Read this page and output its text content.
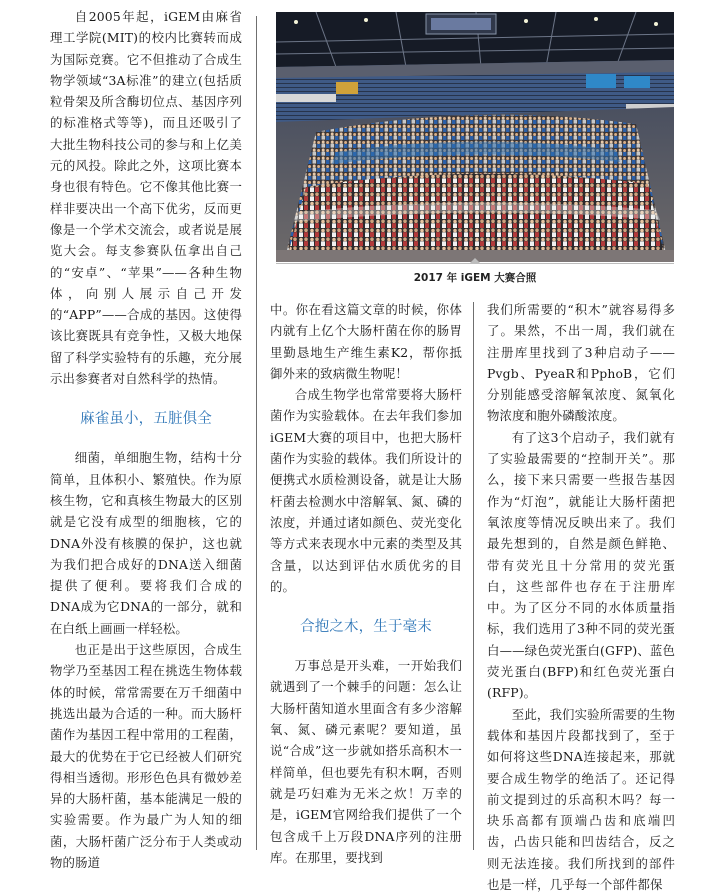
自2005年起，iGEM由麻省理工学院(MIT)的校内比赛转而成为国际竞赛。它不但推动了合成生物学领域“3A标准”的建立(包括质粒骨架及所含酶切位点、基因序列的标准格式等等)，而且还吸引了大批生物科技公司的参与和上亿美元的风投。除此之外，这项比赛本身也很有特色。它不像其他比赛一样非要决出一个高下优劣，反而更像是一个学术交流会，或者说是展览大会。每支参赛队伍拿出自己的“安卓”、“苹果”——各种生物体，向别人展示自己开发的“APP”——合成的基因。这使得该比赛既具有竞争性，又极大地保留了科学实验特有的乐趣，充分展示出参赛者对自然科学的热情。

麻雀虽小，五脏俱全

细菌，单细胞生物，结构十分简单，且体积小、繁殖快。作为原核生物，它和真核生物最大的区别就是它没有成型的细胞核，它的DNA外没有核膜的保护，这也就为我们把合成好的DNA送入细菌提供了便利。要将我们合成的DNA成为它DNA的一部分，就和在白纸上画画一样轻松。

也正是出于这些原因，合成生物学乃至基因工程在挑选生物体载体的时候，常常需要在万千细菌中挑选出最为合适的一种。而大肠杆菌作为基因工程中常用的工程菌，最大的优势在于它已经被人们研究得相当透彻。形形色色具有微妙差异的大肠杆菌，基本能满足一般的实验需要。作为最广为人知的细菌，大肠杆菌广泛分布于人类或动物的肠道

2017 年 iGEM 大赛合照

中。你在看这篇文章的时候，你体内就有上亿个大肠杆菌在你的肠胃里勤恳地生产维生素K2，帮你抵御外来的致病微生物呢！

合成生物学也常常要将大肠杆菌作为实验载体。在去年我们参加iGEM大赛的项目中，也把大肠杆菌作为实验的载体。我们所设计的便携式水质检测设备，就是让大肠杆菌去检测水中溶解氧、氮、磷的浓度，并通过诸如颜色、荧光变化等方式来表现水中元素的类型及其含量，以达到评估水质优劣的目的。

合抱之木，生于毫末

万事总是开头难，一开始我们就遇到了一个棘手的问题：怎么让大肠杆菌知道水里面含有多少溶解氧、氮、磷元素呢？要知道，虽说“合成”这一步就如搭乐高积木一样简单，但也要先有积木啊，否则就是巧妇难为无米之炊！万幸的是，iGEM官网给我们提供了一个包含成千上万段DNA序列的注册库。在那里，要找到

我们所需要的“积木”就容易得多了。果然，不出一周，我们就在注册库里找到了3种启动子——Pvgb、PyeaR和PphoB，它们分别能感受溶解氧浓度、氮氧化物浓度和胞外磷酸浓度。

有了这3个启动子，我们就有了实验最需要的“控制开关”。那么，接下来只需要一些报告基因作为“灯泡”，就能让大肠杆菌把氧浓度等情况反映出来了。我们最先想到的，自然是颜色鲜艳、带有荧光且十分常用的荧光蛋白，这些部件也存在于注册库中。为了区分不同的水体质量指标，我们选用了3种不同的荧光蛋白——绿色荧光蛋白(GFP)、蓝色荧光蛋白(BFP)和红色荧光蛋白(RFP)。

至此，我们实验所需要的生物载体和基因片段都找到了，至于如何将这些DNA连接起来，那就要合成生物学的绝活了。还记得前文提到过的乐高积木吗？每一块乐高都有顶端凸齿和底端凹齿，凸齿只能和凹齿结合，反之则无法连接。我们所找到的部件也是一样，几乎每一个部件都保
